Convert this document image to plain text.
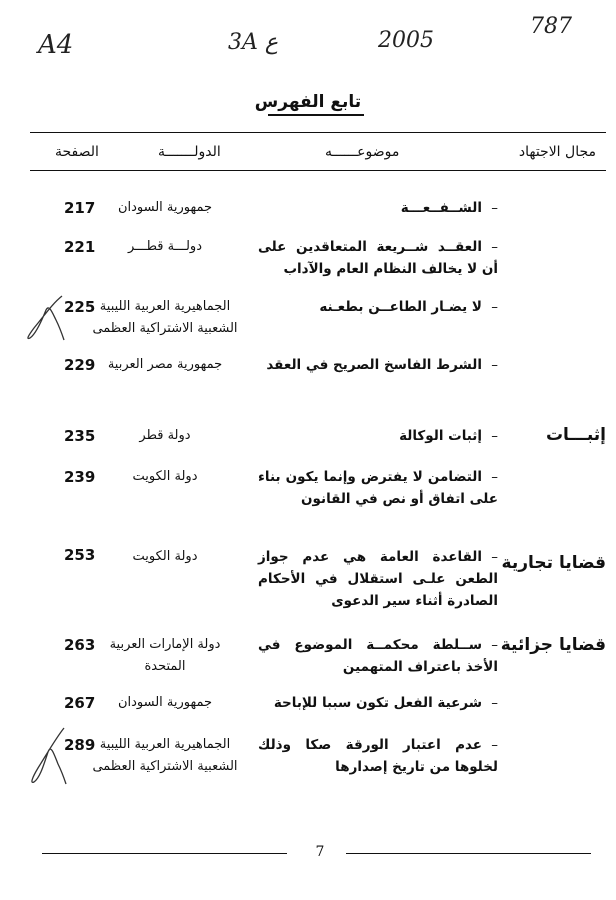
A4	3A ع	2005
787
تابع الفهرس
مجال الاجتهاد
موضوعــــــه
الدولـــــــة
الصفحة
إثبـــات
قضايا تجارية
قضايا جزائية
–الشــفــعـــة
جمهورية السودان
217
–العقــد شــريعة المتعاقدين على أن لا يخالف النظام العام والآداب
دولـــة قطـــر
221
–لا يضـار الطاعــن بطعـنه
الجماهيرية العربية الليبية الشعبية الاشتراكية العظمى
225
–الشرط الفاسخ الصريح في العقد
جمهورية مصر العربية
229
–إثبات الوكالة
دولة قطر
235
–التضامن لا يفترض وإنما يكون بناء على اتفاق أو نص في القانون
دولة الكويت
239
–القاعدة العامة هي عدم جواز الطعن علـى استقلال في الأحكام الصادرة أثناء سير الدعوى
دولة الكويت
253
–ســلطة محكمــة الموضوع في الأخذ باعتراف المتهمين
دولة الإمارات العربية المتحدة
263
–شرعية الفعل تكون سببا للإباحة
جمهورية السودان
267
–عدم اعتبار الورقة صكا وذلك لخلوها من تاريخ إصدارها
الجماهيرية العربية الليبية الشعبية الاشتراكية العظمى
289
7
